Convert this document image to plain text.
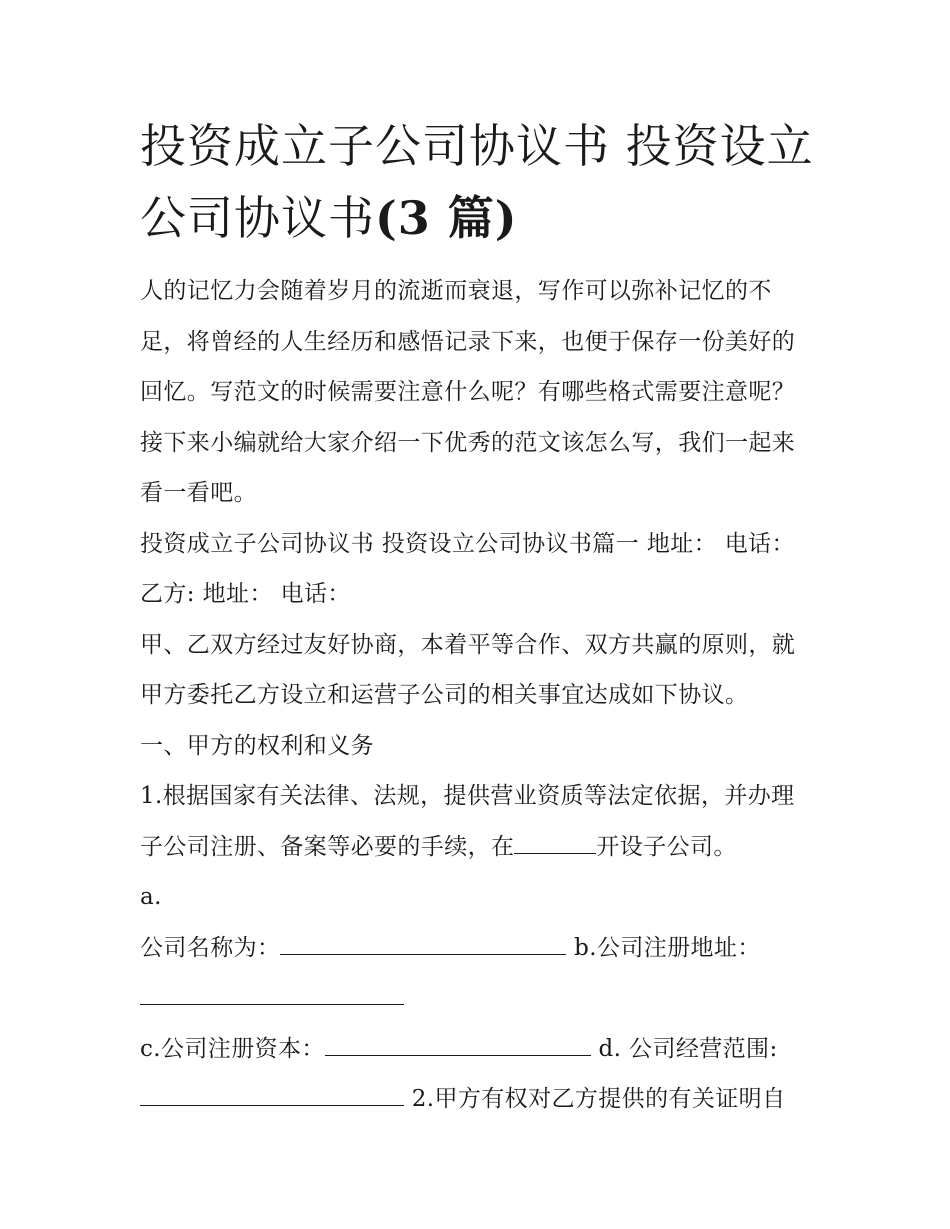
投资成立子公司协议书 投资设立公司协议书(3 篇)

人的记忆力会随着岁月的流逝而衰退，写作可以弥补记忆的不足，将曾经的人生经历和感悟记录下来，也便于保存一份美好的回忆。写范文的时候需要注意什么呢？有哪些格式需要注意呢？接下来小编就给大家介绍一下优秀的范文该怎么写，我们一起来看一看吧。

投资成立子公司协议书 投资设立公司协议书篇一 地址： 电话： 乙方: 地址： 电话：

甲、乙双方经过友好协商，本着平等合作、双方共赢的原则，就甲方委托乙方设立和运营子公司的相关事宜达成如下协议。

一、甲方的权利和义务

1.根据国家有关法律、法规，提供营业资质等法定依据，并办理子公司注册、备案等必要的手续，在	开设子公司。

a.

公司名称为：	b.公司注册地址：

c.公司注册资本：	d. 公司经营范围:  2.甲方有权对乙方提供的有关证明自
